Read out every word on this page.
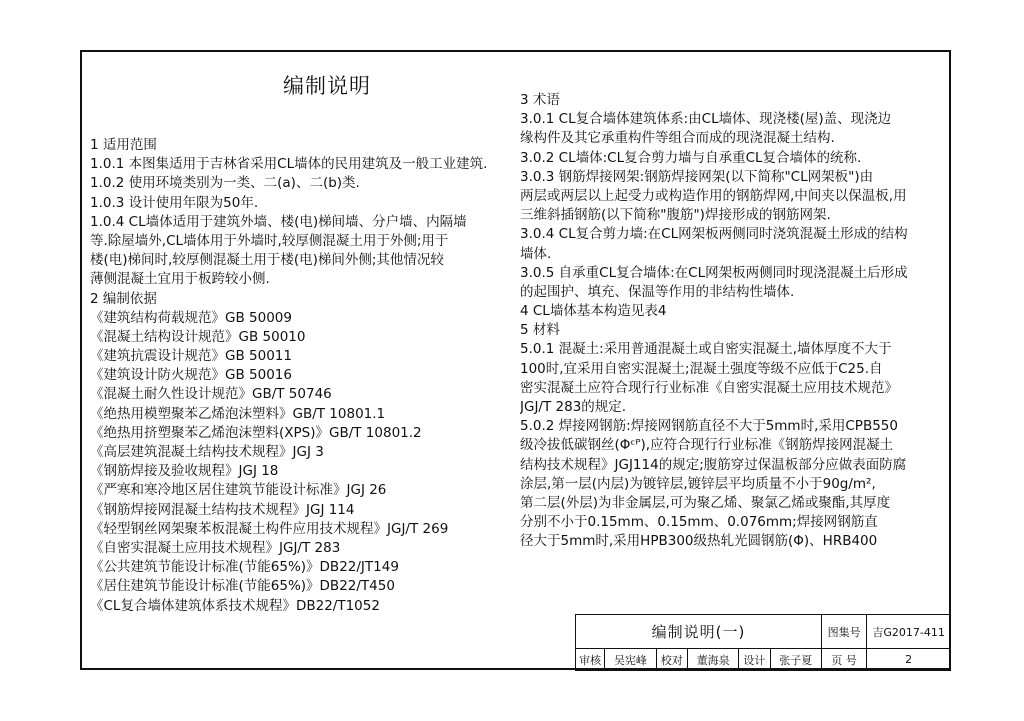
编制说明
1 适用范围
1.0.1 本图集适用于吉林省采用CL墙体的民用建筑及一般工业建筑.
1.0.2 使用环境类别为一类、二(a)、二(b)类.
1.0.3 设计使用年限为50年.
1.0.4 CL墙体适用于建筑外墙、楼(电)梯间墙、分户墙、内隔墙
等.除屋墙外,CL墙体用于外墙时,较厚侧混凝土用于外侧;用于
楼(电)梯间时,较厚侧混凝土用于楼(电)梯间外侧;其他情况较
薄侧混凝土宜用于板跨较小侧.
2 编制依据
《建筑结构荷载规范》GB 50009
《混凝土结构设计规范》GB 50010
《建筑抗震设计规范》GB 50011
《建筑设计防火规范》GB 50016
《混凝土耐久性设计规范》GB/T 50746
《绝热用模塑聚苯乙烯泡沫塑料》GB/T 10801.1
《绝热用挤塑聚苯乙烯泡沫塑料(XPS)》GB/T 10801.2
《高层建筑混凝土结构技术规程》JGJ 3
《钢筋焊接及验收规程》JGJ 18
《严寒和寒冷地区居住建筑节能设计标准》JGJ 26
《钢筋焊接网混凝土结构技术规程》JGJ 114
《轻型钢丝网架聚苯板混凝土构件应用技术规程》JGJ/T 269
《自密实混凝土应用技术规程》JGJ/T 283
《公共建筑节能设计标准(节能65%)》DB22/JT149
《居住建筑节能设计标准(节能65%)》DB22/T450
《CL复合墙体建筑体系技术规程》DB22/T1052
3 术语
3.0.1 CL复合墙体建筑体系:由CL墙体、现浇楼(屋)盖、现浇边
缘构件及其它承重构件等组合而成的现浇混凝土结构.
3.0.2 CL墙体:CL复合剪力墙与自承重CL复合墙体的统称.
3.0.3 钢筋焊接网架:钢筋焊接网架(以下简称"CL网架板")由
两层或两层以上起受力或构造作用的钢筋焊网,中间夹以保温板,用
三维斜插钢筋(以下简称"腹筋")焊接形成的钢筋网架.
3.0.4 CL复合剪力墙:在CL网架板两侧同时浇筑混凝土形成的结构
墙体.
3.0.5 自承重CL复合墙体:在CL网架板两侧同时现浇混凝土后形成
的起围护、填充、保温等作用的非结构性墙体.
4 CL墙体基本构造见表4
5 材料
5.0.1 混凝土:采用普通混凝土或自密实混凝土,墙体厚度不大于
100时,宜采用自密实混凝土;混凝土强度等级不应低于C25.自
密实混凝土应符合现行行业标准《自密实混凝土应用技术规范》
JGJ/T 283的规定.
5.0.2 焊接网钢筋:焊接网钢筋直径不大于5mm时,采用CPB550
级冷拔低碳钢丝(Φᶜᴾ),应符合现行行业标准《钢筋焊接网混凝土
结构技术规程》JGJ114的规定;腹筋穿过保温板部分应做表面防腐
涂层,第一层(内层)为镀锌层,镀锌层平均质量不小于90g/m²,
第二层(外层)为非金属层,可为聚乙烯、聚氯乙烯或聚酯,其厚度
分别不小于0.15mm、0.15mm、0.076mm;焊接网钢筋直
径大于5mm时,采用HPB300级热轧光圆钢筋(Φ)、HRB400
编制说明(一)						图集号	吉G2017-411
审核	吴宪峰	校对	董海泉	设计	张子夏	页 号	2
